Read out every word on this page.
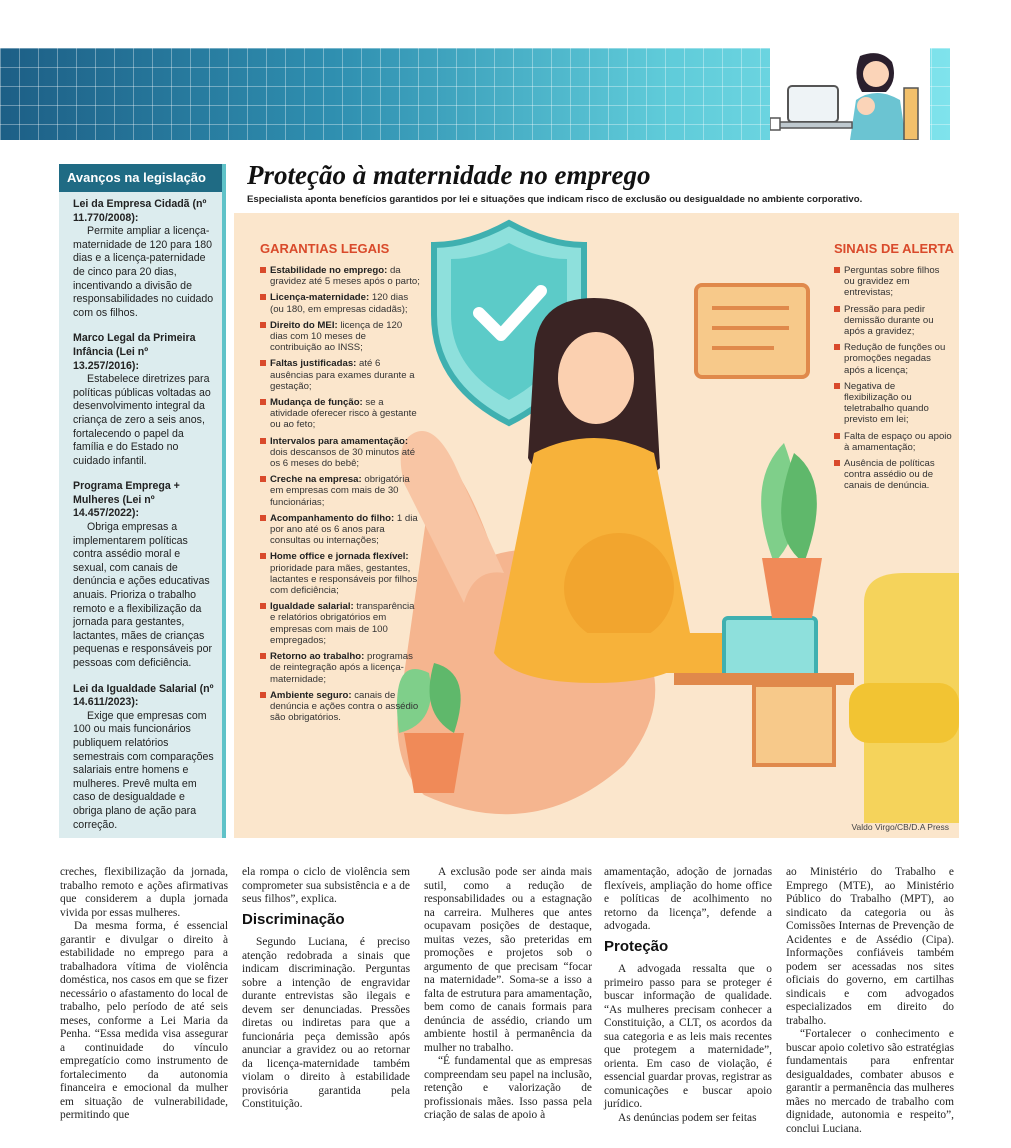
Avanços na legislação
Lei da Empresa Cidadã (nº 11.770/2008):
Permite ampliar a licença-maternidade de 120 para 180 dias e a licença-paternidade de cinco para 20 dias, incentivando a divisão de responsabilidades no cuidado com os filhos.
Marco Legal da Primeira Infância (Lei nº 13.257/2016):
Estabelece diretrizes para políticas públicas voltadas ao desenvolvimento integral da criança de zero a seis anos, fortalecendo o papel da família e do Estado no cuidado infantil.
Programa Emprega + Mulheres (Lei nº 14.457/2022):
Obriga empresas a implementarem políticas contra assédio moral e sexual, com canais de denúncia e ações educativas anuais. Prioriza o trabalho remoto e a flexibilização da jornada para gestantes, lactantes, mães de crianças pequenas e responsáveis por pessoas com deficiência.
Lei da Igualdade Salarial (nº 14.611/2023):
Exige que empresas com 100 ou mais funcionários publiquem relatórios semestrais com comparações salariais entre homens e mulheres. Prevê multa em caso de desigualdade e obriga plano de ação para correção.
Proteção à maternidade no emprego
Especialista aponta benefícios garantidos por lei e situações que indicam risco de exclusão ou desigualdade no ambiente corporativo.
GARANTIAS LEGAIS
Estabilidade no emprego: da gravidez até 5 meses após o parto;
Licença-maternidade: 120 dias (ou 180, em empresas cidadãs);
Direito do MEI: licença de 120 dias com 10 meses de contribuição ao INSS;
Faltas justificadas: até 6 ausências para exames durante a gestação;
Mudança de função: se a atividade oferecer risco à gestante ou ao feto;
Intervalos para amamentação: dois descansos de 30 minutos até os 6 meses do bebê;
Creche na empresa: obrigatória em empresas com mais de 30 funcionárias;
Acompanhamento do filho: 1 dia por ano até os 6 anos para consultas ou internações;
Home office e jornada flexível: prioridade para mães, gestantes, lactantes e responsáveis por filhos com deficiência;
Igualdade salarial: transparência e relatórios obrigatórios em empresas com mais de 100 empregados;
Retorno ao trabalho: programas de reintegração após a licença-maternidade;
Ambiente seguro: canais de denúncia e ações contra o assédio são obrigatórios.
SINAIS DE ALERTA
Perguntas sobre filhos ou gravidez em entrevistas;
Pressão para pedir demissão durante ou após a gravidez;
Redução de funções ou promoções negadas após a licença;
Negativa de flexibilização ou teletrabalho quando previsto em lei;
Falta de espaço ou apoio à amamentação;
Ausência de políticas contra assédio ou de canais de denúncia.
Valdo Virgo/CB/D.A Press

creches, flexibilização da jornada, trabalho remoto e ações afirmativas que considerem a dupla jornada vivida por essas mulheres.

Da mesma forma, é essencial garantir e divulgar o direito à estabilidade no emprego para a trabalhadora vítima de violência doméstica, nos casos em que se fizer necessário o afastamento do local de trabalho, pelo período de até seis meses, conforme a Lei Maria da Penha. “Essa medida visa assegurar a continuidade do vínculo empregatício como instrumento de fortalecimento da autonomia financeira e emocional da mulher em situação de vulnerabilidade, permitindo que

ela rompa o ciclo de violência sem comprometer sua subsistência e a de seus filhos”, explica.

Discriminação

Segundo Luciana, é preciso atenção redobrada a sinais que indicam discriminação. Perguntas sobre a intenção de engravidar durante entrevistas são ilegais e devem ser denunciadas. Pressões diretas ou indiretas para que a funcionária peça demissão após anunciar a gravidez ou ao retornar da licença-maternidade também violam o direito à estabilidade provisória garantida pela Constituição.

A exclusão pode ser ainda mais sutil, como a redução de responsabilidades ou a estagnação na carreira. Mulheres que antes ocupavam posições de destaque, muitas vezes, são preteridas em promoções e projetos sob o argumento de que precisam “focar na maternidade”. Soma-se a isso a falta de estrutura para amamentação, bem como de canais formais para denúncia de assédio, criando um ambiente hostil à permanência da mulher no trabalho.

“É fundamental que as empresas compreendam seu papel na inclusão, retenção e valorização de profissionais mães. Isso passa pela criação de salas de apoio à

amamentação, adoção de jornadas flexíveis, ampliação do home office e políticas de acolhimento no retorno da licença”, defende a advogada.

Proteção

A advogada ressalta que o primeiro passo para se proteger é buscar informação de qualidade. “As mulheres precisam conhecer a Constituição, a CLT, os acordos da sua categoria e as leis mais recentes que protegem a maternidade”, orienta. Em caso de violação, é essencial guardar provas, registrar as comunicações e buscar apoio jurídico.

As denúncias podem ser feitas

ao Ministério do Trabalho e Emprego (MTE), ao Ministério Público do Trabalho (MPT), ao sindicato da categoria ou às Comissões Internas de Prevenção de Acidentes e de Assédio (Cipa). Informações confiáveis também podem ser acessadas nos sites oficiais do governo, em cartilhas sindicais e com advogados especializados em direito do trabalho.

“Fortalecer o conhecimento e buscar apoio coletivo são estratégias fundamentais para enfrentar desigualdades, combater abusos e garantir a permanência das mulheres mães no mercado de trabalho com dignidade, autonomia e respeito”, conclui Luciana.
